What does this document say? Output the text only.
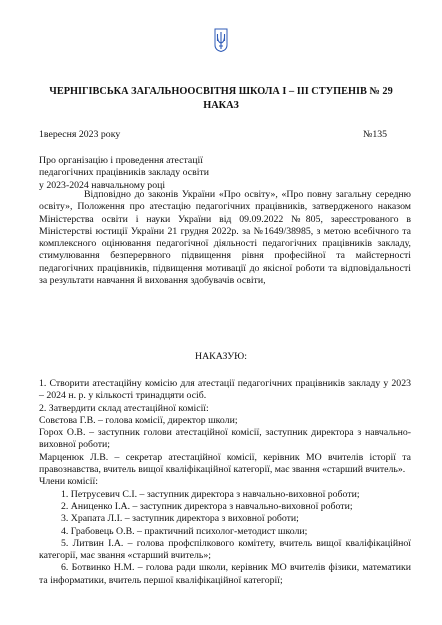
ЧЕРНІГІВСЬКА ЗАГАЛЬНООСВІТНЯ ШКОЛА І – ІІІ СТУПЕНІВ № 29
НАКАЗ
1вересня 2023 року	№135
Про організацію і проведення атестації
педагогічних працівників закладу освіти
у 2023-2024 навчальному році

Відповідно до законів України «Про освіту», «Про повну загальну середню освіту», Положення про атестацію педагогічних працівників, затвердженого наказом Міністерства освіти і науки України від 09.09.2022 №805, зареєстрованого в Міністерстві юстиції України 21 грудня 2022р. за №1649/38985, з метою всебічного та комплексного оцінювання педагогічної діяльності педагогічних працівників закладу, стимулювання безперервного підвищення рівня професійної та майстерності педагогічних працівників, підвищення мотивації до якісної роботи та відповідальності за результати навчання й виховання здобувачів освіти,

НАКАЗУЮ:

1. Створити атестаційну комісію для атестації педагогічних працівників закладу у 2023 – 2024 н. р. у кількості тринадцяти осіб.

2. Затвердити склад атестаційної комісії:

Совєтова Г.В. – голова комісії, директор школи;

Горох О.В. – заступник голови атестаційної комісії, заступник директора з навчально-виховної роботи;

Марценюк Л.В. – секретар атестаційної комісії, керівник МО вчителів історії та правознавства, вчитель вищої кваліфікаційної категорії, має звання «старший вчитель».

Члени комісії:

1. Петрусевич С.І. – заступник директора з навчально-виховної роботи;

2. Аниценко І.А. – заступник директора з навчально-виховної роботи;

3. Храпата Л.І. – заступник директора з виховної роботи;

4. Грабовець О.В. – практичний психолог-методист школи;

5. Литвин І.А. – голова профспілкового комітету, вчитель вищої кваліфікаційної категорії, має звання «старший вчитель»;

6. Ботвинко Н.М. – голова ради школи, керівник МО вчителів фізики, математики та інформатики, вчитель першої кваліфікаційної категорії;
